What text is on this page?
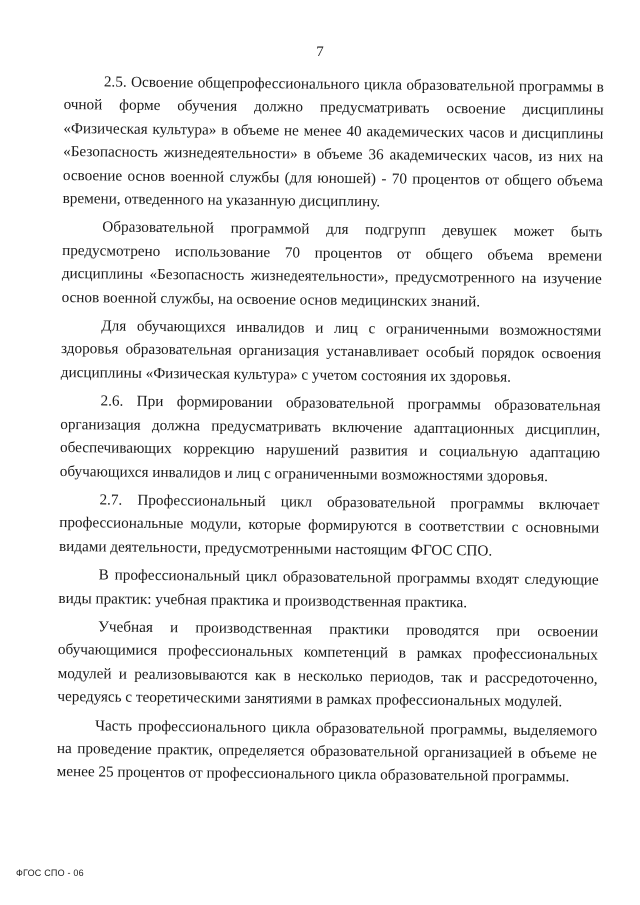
7

2.5. Освоение общепрофессионального цикла образовательной программы в очной форме обучения должно предусматривать освоение дисциплины «Физическая культура» в объеме не менее 40 академических часов и дисциплины «Безопасность жизнедеятельности» в объеме 36 академических часов, из них на освоение основ военной службы (для юношей) - 70 процентов от общего объема времени, отведенного на указанную дисциплину.

Образовательной программой для подгрупп девушек может быть предусмотрено использование 70 процентов от общего объема времени дисциплины «Безопасность жизнедеятельности», предусмотренного на изучение основ военной службы, на освоение основ медицинских знаний.

Для обучающихся инвалидов и лиц с ограниченными возможностями здоровья образовательная организация устанавливает особый порядок освоения дисциплины «Физическая культура» с учетом состояния их здоровья.

2.6. При формировании образовательной программы образовательная организация должна предусматривать включение адаптационных дисциплин, обеспечивающих коррекцию нарушений развития и социальную адаптацию обучающихся инвалидов и лиц с ограниченными возможностями здоровья.

2.7. Профессиональный цикл образовательной программы включает профессиональные модули, которые формируются в соответствии с основными видами деятельности, предусмотренными настоящим ФГОС СПО.

В профессиональный цикл образовательной программы входят следующие виды практик: учебная практика и производственная практика.

Учебная и производственная практики проводятся при освоении обучающимися профессиональных компетенций в рамках профессиональных модулей и реализовываются как в несколько периодов, так и рассредоточенно, чередуясь с теоретическими занятиями в рамках профессиональных модулей.

Часть профессионального цикла образовательной программы, выделяемого на проведение практик, определяется образовательной организацией в объеме не менее 25 процентов от профессионального цикла образовательной программы.

ФГОС СПО - 06
